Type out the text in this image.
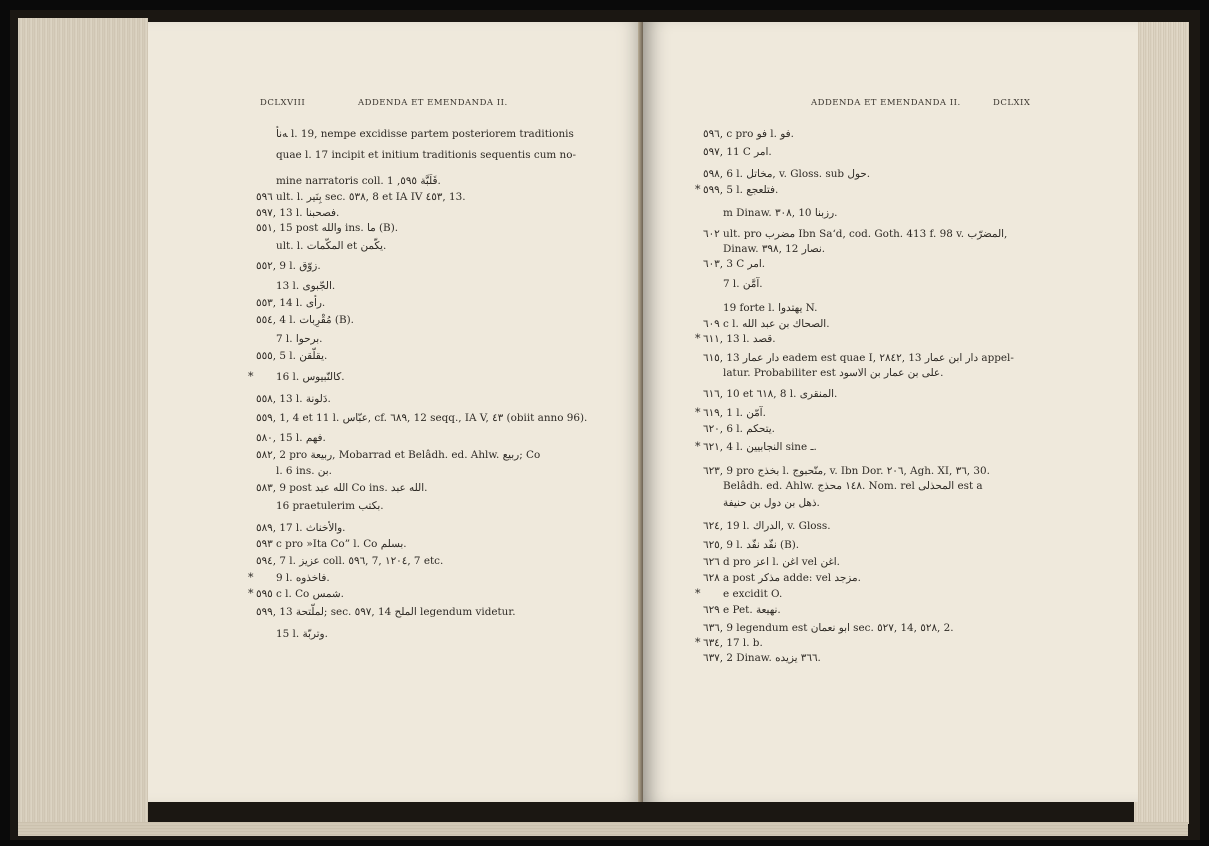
DCLXVIII	ADDENDA ET EMENDANDA II.
ﻪﻧﺄ l. 19, nempe excidisse partem posteriorem traditionis
quae l. 17 incipit et initium traditionis sequentis cum no-
mine narratoris coll. ﻗَﻠَﺒَّﺔ ٥٩٥, 1.
٥٩٦ ult. l. ﺑِﻨَﻴﺮ sec. ٥٣٨, 8 et IA IV ٤٥٣, 13.
٥٩٧, 13 l. ﻓﺼﺤﺒﻨﺎ.
٥٥١, 15 post ﻭﺍﻟﻠﻪ ins. ﻣﺎ (B).
ult. l. ﺍﻟﻤﻜّﻤﺎﺕ et ﻳﻜّﻤﻦ.
٥٥٢, 9 l. ﺯﻭّﻕ.
13 l. ﺍﻟﺠّﺒﻮﻯ.
٥٥٣, 14 l. ﺭﺃﻯ.
٥٥٤, 4 l. ﻣُﻘْﺮِﺑﺎﺕ (B).
7 l. ﺑﺮﺣﻮﺍ.
٥٥٥, 5 l. ﻳﻘﻠّﻘﻦ.
16 l. ﻛﺎﻟﻨّﺒﻴﻮﺱ.
*
٥٥٨, 13 l. ﺩَﻟﻮﻧﺔ.
٥٥٩, 1, 4 et 11 l. ﻋﺒّﺎﺱ, cf. ٦٨٩, 12 seqq., IA V, ٤٣ (obiit anno 96).
٥٨٠, 15 l. ﻓﻬﻢ.
٥٨٢, 2 pro ﺭﺑﻴﻌﺔ, Mobarrad et Belâdh. ed. Ahlw. ﺭﺑﻴﻊ; Co
l. 6 ins. ﺑﻦ.
٥٨٣, 9 post ﺍﻟﻠﻪ ﻋﺒﺪ Co ins. ﺍﻟﻠﻪ ﻋﺒﺪ.
16 praetulerim ﺑﻜﺘﺐ.
٥٨٩, 17 l. ﻭﺍﻷﺧﻨﺎﺙ.
٥٩٣ c pro »Ita Co” l. Co ﺑﺴﻠﻢ.
٥٩٤, 7 l. ﻋﺰﻳﺰ coll. ٥٩٦, 7, ١٢٠٤, 7 etc.
9 l. ﻓﺎﺧﺬﻭﻩ.
*
٥٩٥ c l. Co ﺷﻤﺲ.
*
٥٩٩, 13 ﻟﻤﻠّﺘﺤﺔ; sec. ٥٩٧, 14 ﺍﻟﻤﻠﺢ legendum videtur.
15 l. ﻭﺗﺮﺑّﺔ.
ADDENDA ET EMENDANDA II.	DCLXIX
٥٩٦, c pro ﻓﻮ l. ﻓﻮ.
٥٩٧, 11 C ﺍﻣﺮ.
٥٩٨, 6 l. ﻣﺨﺎﺗﻞ, v. Gloss. sub ﺣﻮﻝ.
٥٩٩, 5 l. ﻓﺘﻠﻌﺠﻊ.
*
m Dinaw. ٣٠٨, 10 ﺭﺯﺑﻨﺎ.
٦٠٢ ult. pro ﻣﻀﺮﺏ Ibn Sa‘d, cod. Goth. 413 f. 98 v. ﺍﻟﻤﻀﺮّﺏ,
Dinaw. ٣٩٨, 12 ﻧﺼﺎﺭ.
٦٠٣, 3 C ﺍﻣﺮ.
7 l. ﺁﻣَّﻦ.
19 forte l. ﻳﻬﺘﺪﻭﺍ N.
٦٠٩ c l. ﺍﻟﺼﺤﺎﻙ ﺑﻦ ﻋﺒﺪ ﺍﻟﻠﻪ.
٦١١, 13 l. ﻗﺼﺪ.
*
٦١٥, 13 ﺩﺍﺭ ﻋﻤﺎﺭ eadem est quae I, ٢٨٤٢, 13 ﺩﺍﺭ ﺍﺑﻦ ﻋﻤﺎﺭ appel-
latur. Probabiliter est ﻋﻠﻰ ﺑﻦ ﻋﻤﺎﺭ ﺑﻦ ﺍﻻﺳﻮﺩ.
٦١٦, 10 et ٦١٨, 8 l. ﺍﻟﻤﻨﻘﺮﻯ.
٦١٩, 1 l. ﺁﻣّﻦ.
*
٦٢٠, 6 l. ﻳﺘﺤﻜﻢ.
٦٢١, 4 l. ﺍﻟﻨﺠﺎﺑﻴﻴﻦ sine ـ.
*
٦٢٣, 9 pro ﺑﺨﺬﺝ l. ﻣﻨّﺤﺒﻮﺝ, v. Ibn Dor. ٢٠٦, Agh. XI, ٣٦, 30.
Belâdh. ed. Ahlw. ١٤٨ ﻣﺤﺬﺝ. Nom. rel ﺍﻟﻤﺤﺬﻟﻰ est a
ﺫﻫﻞ ﺑﻦ ﺩﻭﻝ ﺑﻦ ﺣﻨﻴﻔﺔ.
٦٢٤, 19 l. ﺍﻟﺪﺭﺍﻙ, v. Gloss.
٦٢٥, 9 l. ﻧﻔّﺪ ﻧﻔّﺪ (B).
٦٢٦ d pro ﺍﻋﺰ l. ﺍﻏﻦ vel ﺍﻏﻦ.
٦٢٨ a post ﻣﺬﻛﺮ adde: vel ﻣﺰﺟﺪ.
e excidit O.
*
٦٢٩ e Pet. ﻧﻬﻴﻌﺔ.
٦٣٦, 9 legendum est ﺍﺑﻮ ﻧﻌﻤﺎﻥ sec. ٥٢٧, 14, ٥٢٨, 2.
٦٣٤, 17 l. b.
*
٦٣٧, 2 Dinaw. ٣٦٦ ﻳﺰﻳﺪﻩ.
